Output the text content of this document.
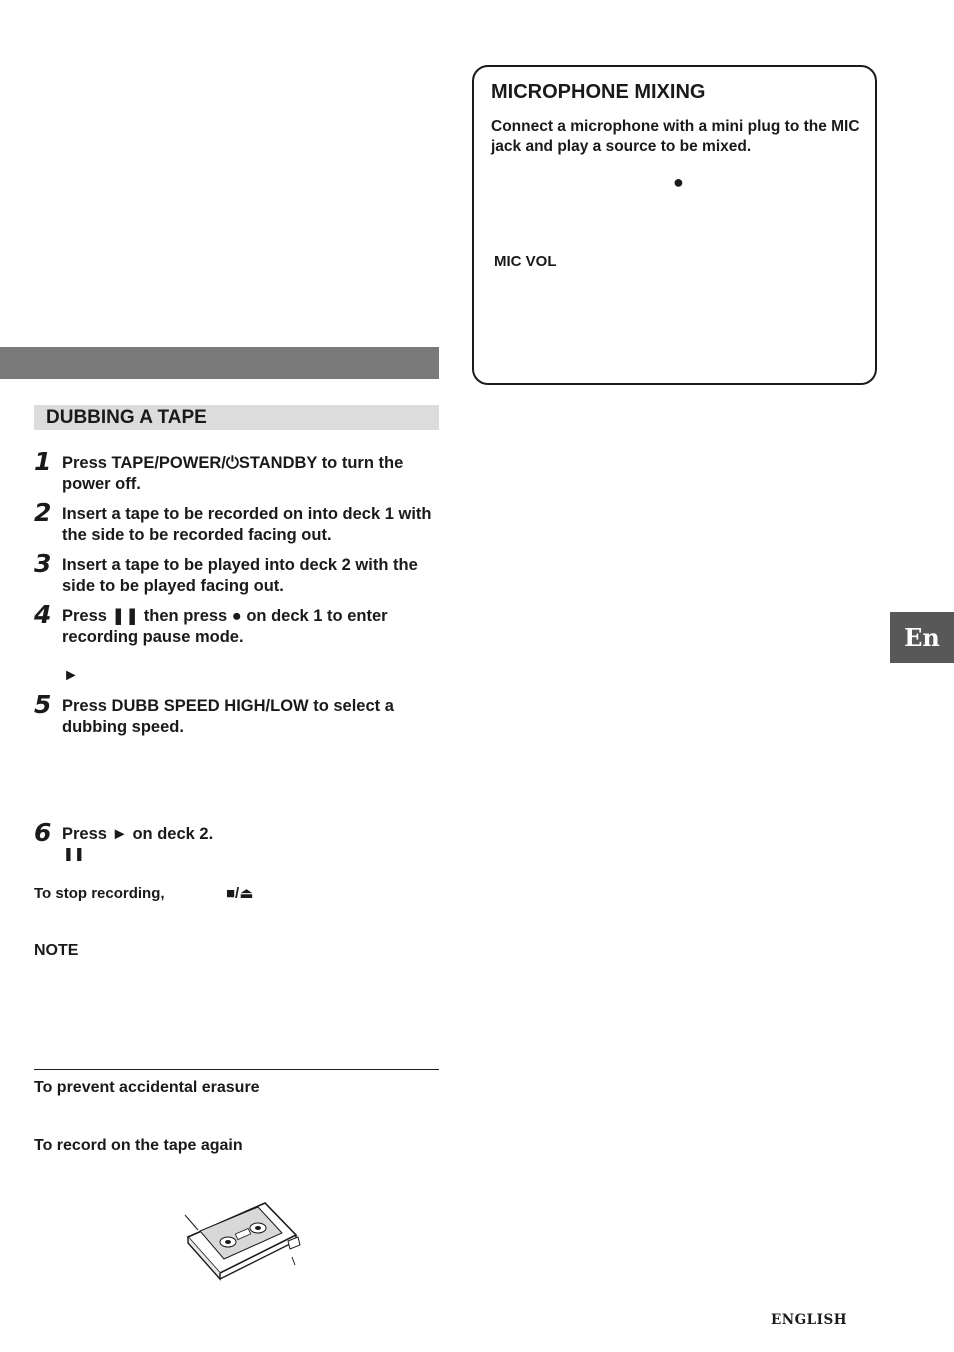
DUBBING A TAPE
1 Press TAPE/POWER/⏻STANDBY to turn the power off.
2 Insert a tape to be recorded on into deck 1 with the side to be recorded facing out.
3 Insert a tape to be played into deck 2 with the side to be played facing out.
4 Press ❚❚ then press ● on deck 1 to enter recording pause mode.
►
5 Press DUBB SPEED HIGH/LOW to select a dubbing speed.
6 Press ► on deck 2.
❚❚
To stop recording,	■/⏏
NOTE
To prevent accidental erasure
To record on the tape again
MICROPHONE MIXING
Connect a microphone with a mini plug to the MIC jack and play a source to be mixed.
●
MIC VOL
En
ENGLISH
